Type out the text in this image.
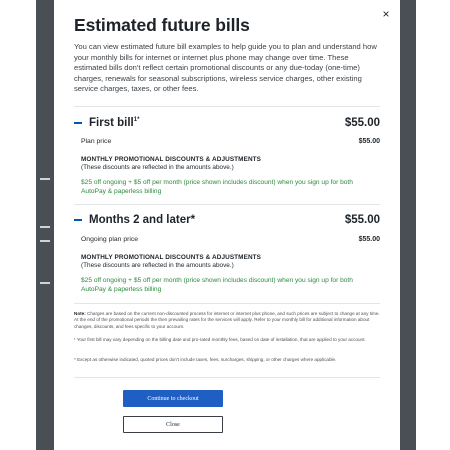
×
Estimated future bills

You can view estimated future bill examples to help guide you to plan and understand how your monthly bills for internet or internet plus phone may change over time. These estimated bills don't reflect certain promotional discounts or any due-today (one-time) charges, renewals for seasonal subscriptions, wireless service charges, other existing service charges, taxes, or other fees.

First bill$^{1*}$	$55.00
Plan price	$55.00
MONTHLY PROMOTIONAL DISCOUNTS & ADJUSTMENTS
(These discounts are reflected in the amounts above.)

$25 off ongoing + $5 off per month (price shown includes discount) when you sign up for both AutoPay & paperless billing

Months 2 and later*	$55.00
Ongoing plan price	$55.00
MONTHLY PROMOTIONAL DISCOUNTS & ADJUSTMENTS
(These discounts are reflected in the amounts above.)

$25 off ongoing + $5 off per month (price shown includes discount) when you sign up for both AutoPay & paperless billing

Note: Charges are based on the current non-discounted process for internet or internet plus phone, and such prices are subject to change at any time. At the end of the promotional periods the then prevailing rates for the services will apply. Refer to your monthly bill for additional information about changes, discounts, and fees specific to your account.

¹ Your first bill may vary depending on the billing date and pro-rated monthly fees, based on date of installation, that are applied to your account.

* Except as otherwise indicated, quoted prices don't include taxes, fees, surcharges, shipping, or other charges where applicable.

Continue to checkout
Close
